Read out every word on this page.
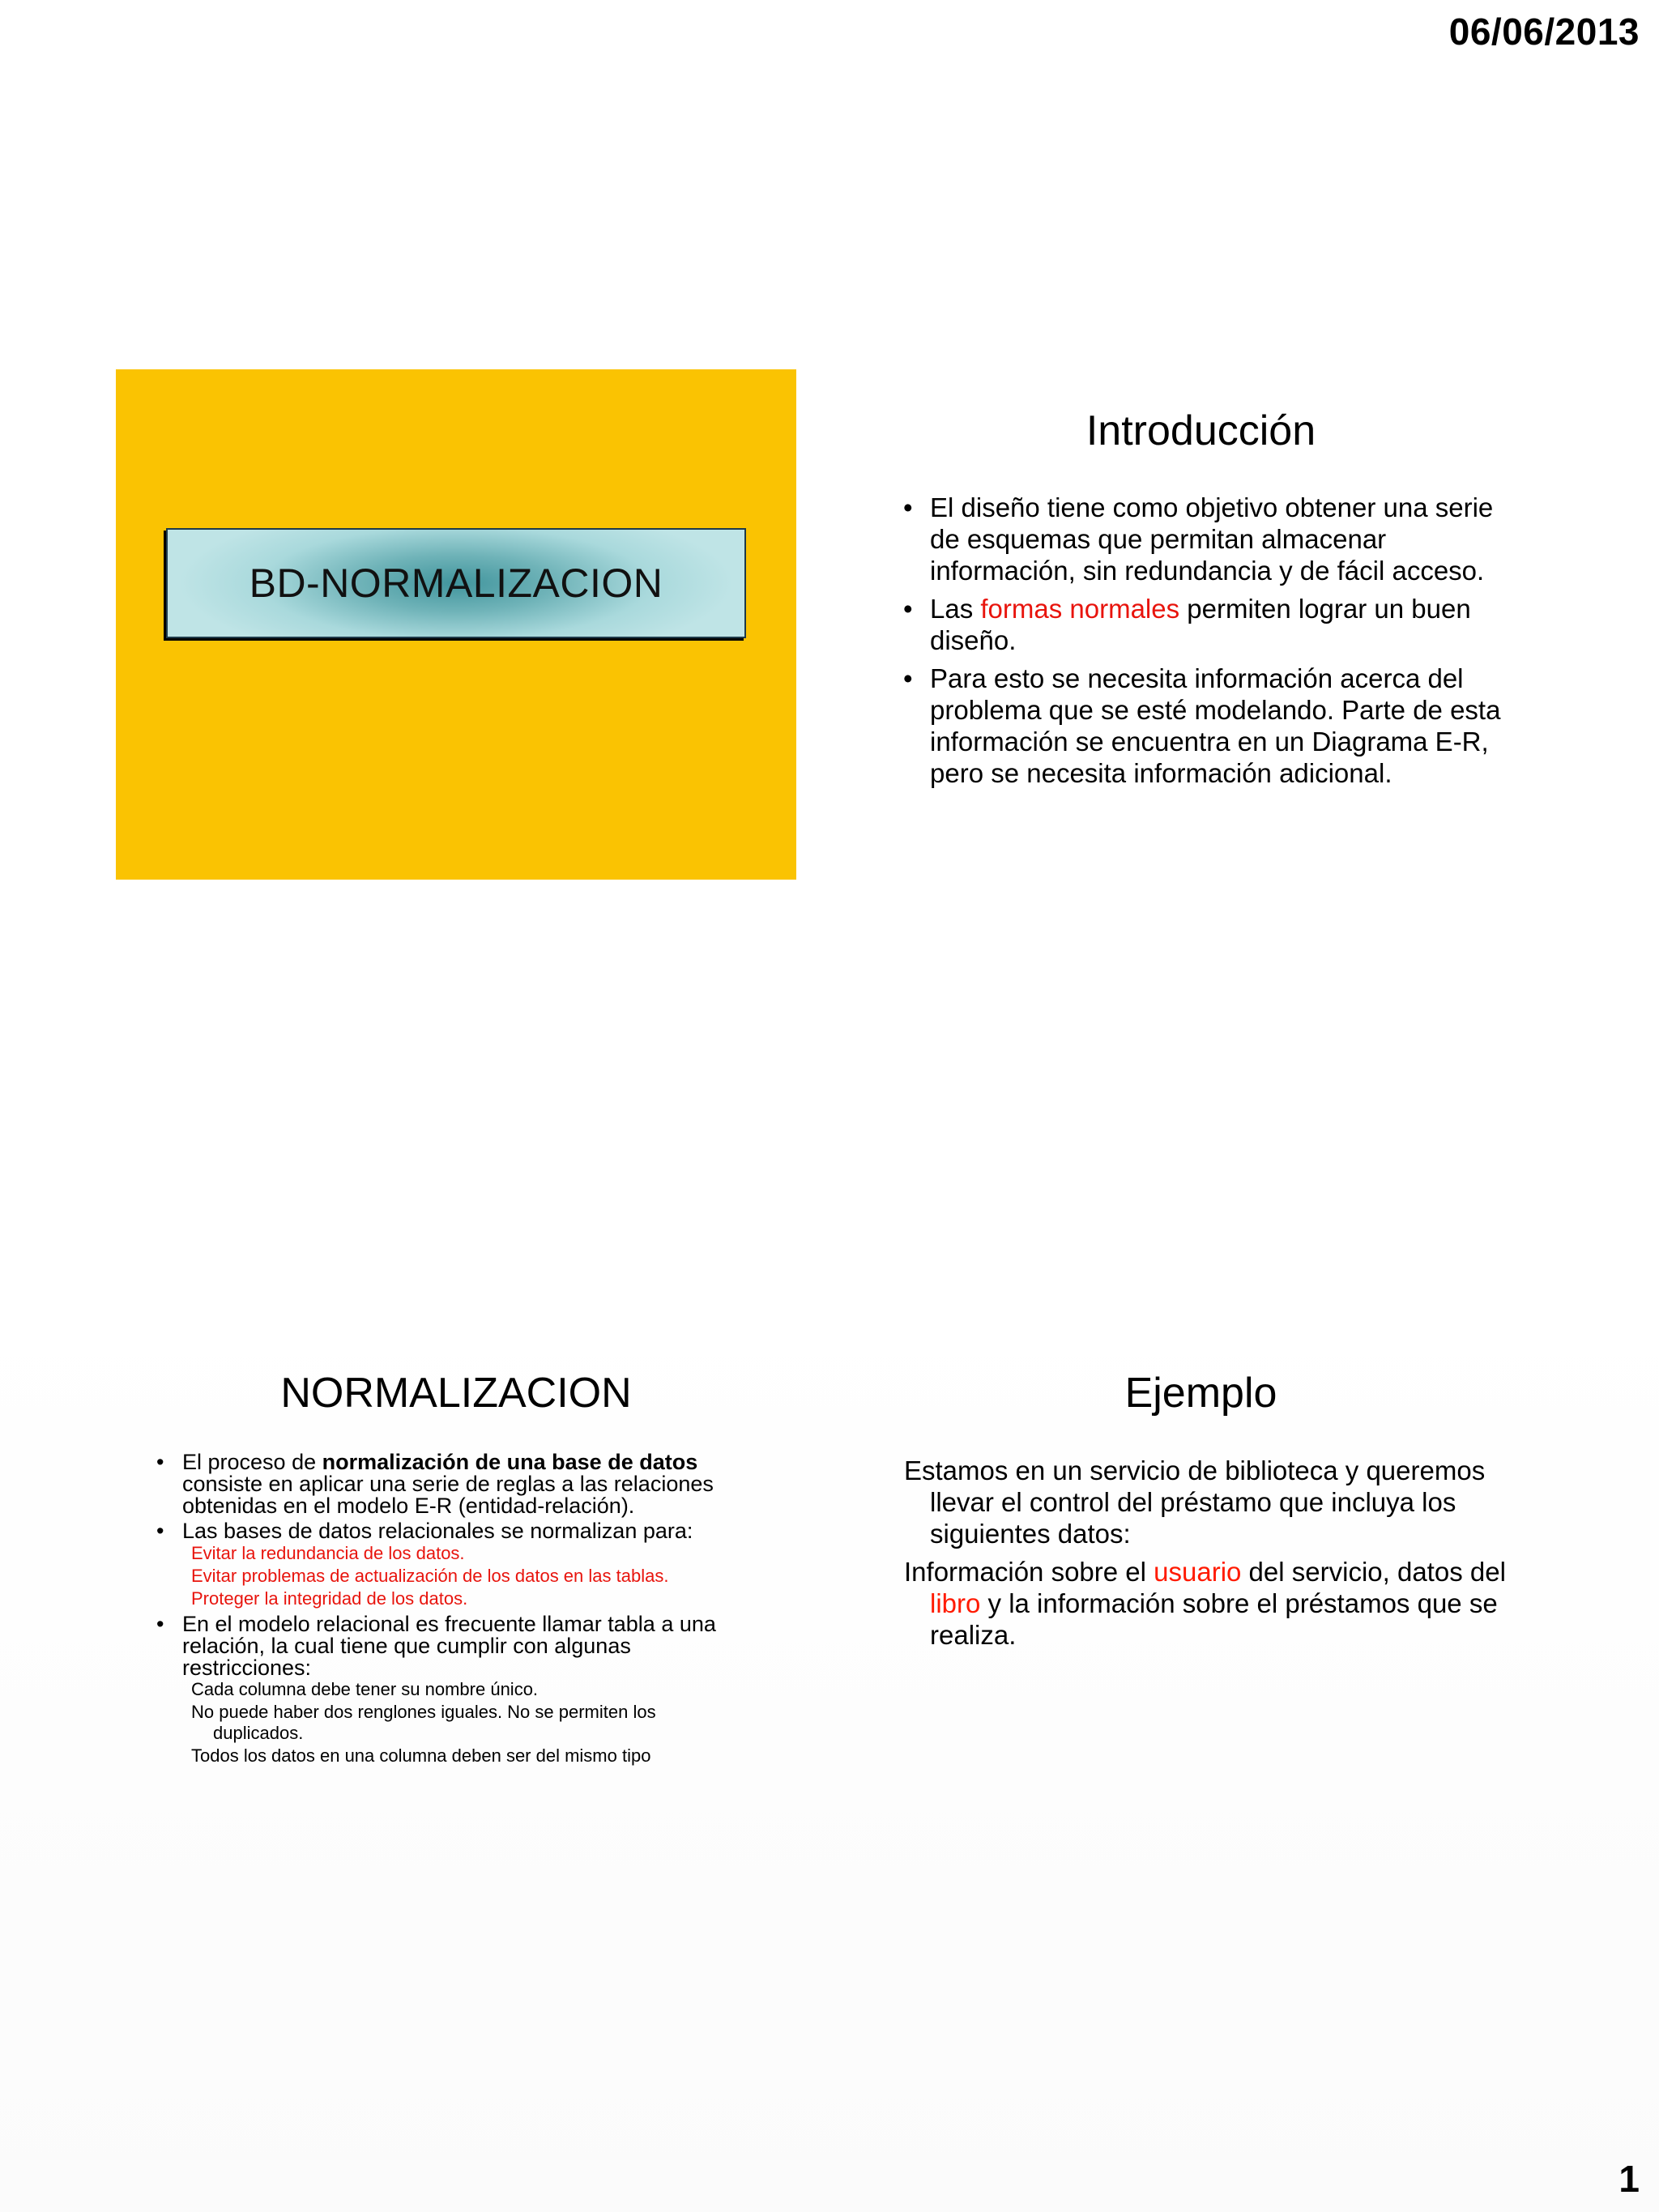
06/06/2013
BD-NORMALIZACION
Introducción
• El diseño tiene como objetivo obtener una serie de esquemas que permitan almacenar información, sin redundancia y de fácil acceso.
• Las formas normales permiten lograr un buen diseño.
• Para esto se necesita información acerca del problema que se esté modelando. Parte de esta información se encuentra en un Diagrama E-R, pero se necesita información adicional.
NORMALIZACION
• El proceso de normalización de una base de datos consiste en aplicar una serie de reglas a las relaciones obtenidas en el modelo E-R (entidad-relación).
• Las bases de datos relacionales se normalizan para:
Evitar la redundancia de los datos.
Evitar problemas de actualización de los datos en las tablas.
Proteger la integridad de los datos.
• En el modelo relacional es frecuente llamar tabla a una relación, la cual tiene que cumplir con algunas restricciones:
Cada columna debe tener su nombre único.
No puede haber dos renglones iguales. No se permiten los duplicados.
Todos los datos en una columna deben ser del mismo tipo
Ejemplo
Estamos en un servicio de biblioteca y queremos llevar el control del préstamo que incluya los siguientes datos:
Información sobre el usuario del servicio, datos del libro y la información sobre el préstamos que se realiza.
1
